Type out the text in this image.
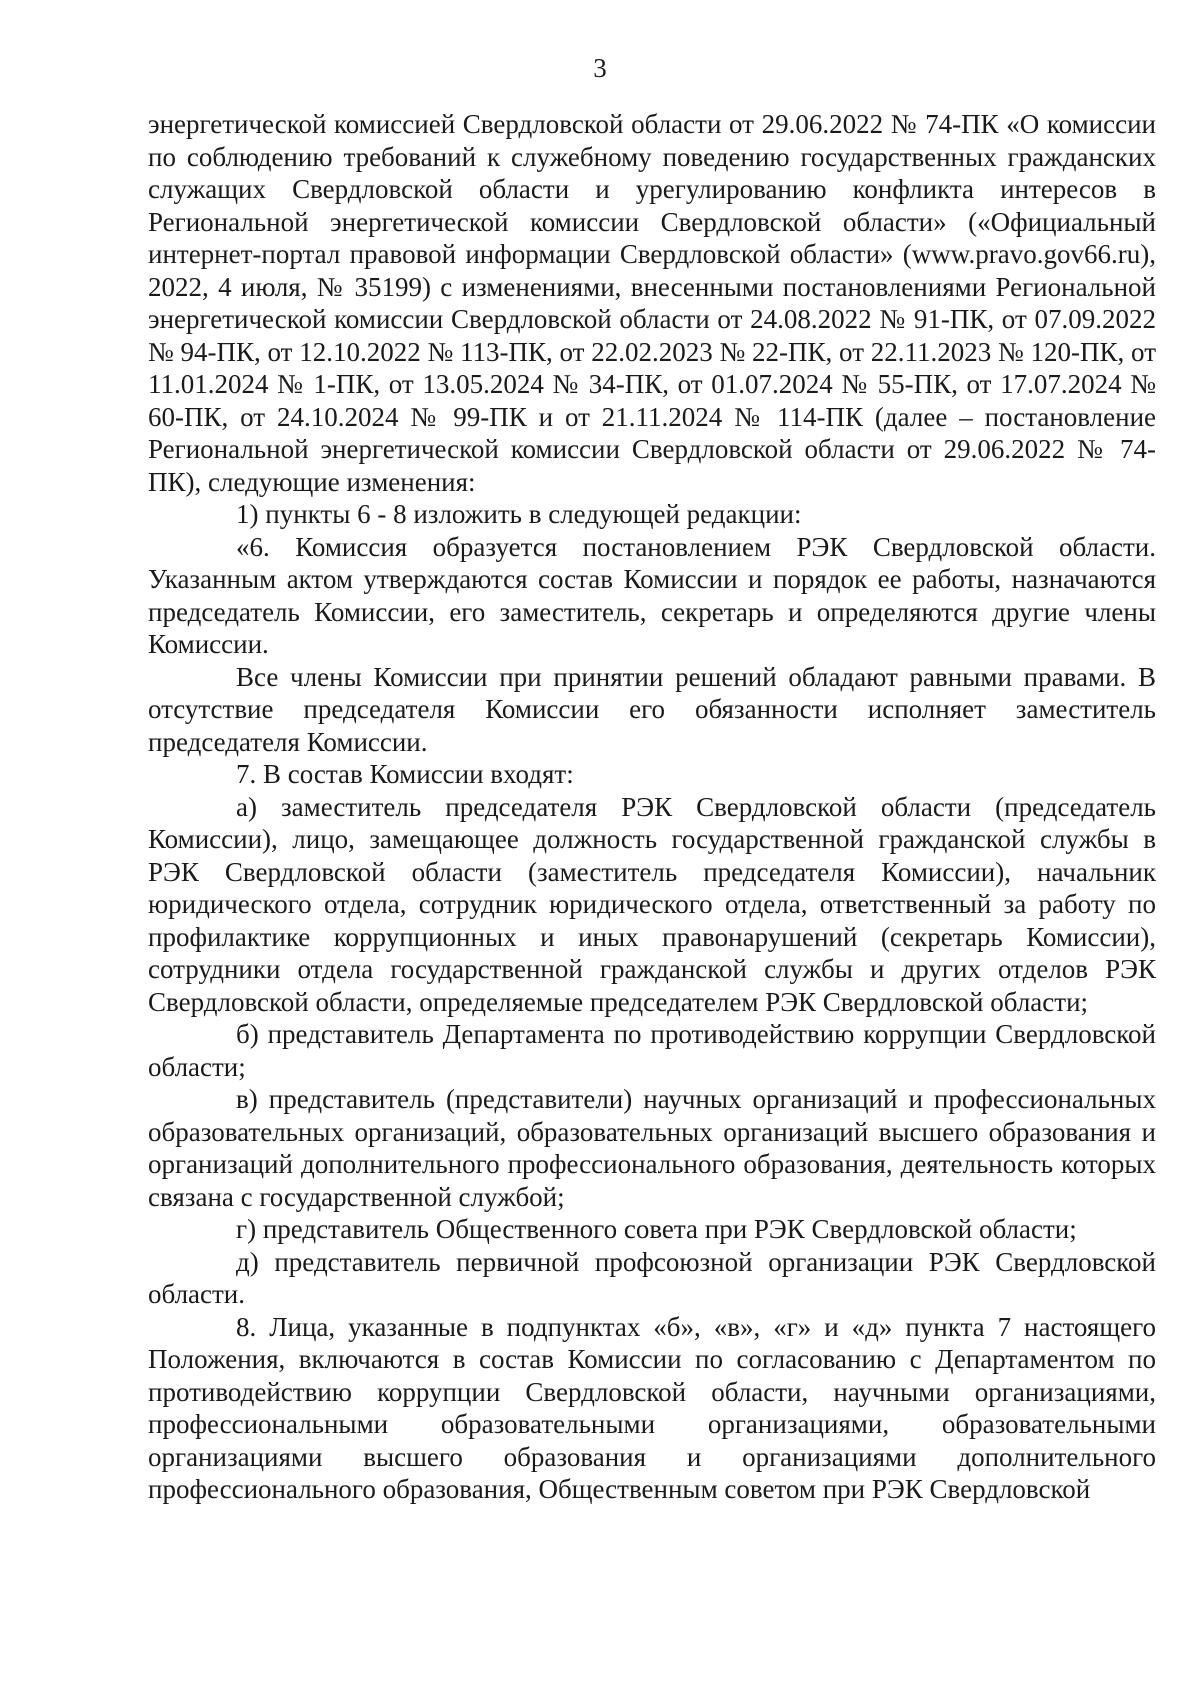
3

энергетической комиссией Свердловской области от 29.06.2022 № 74-ПК «О комиссии по соблюдению требований к служебному поведению государственных гражданских служащих Свердловской области и урегулированию конфликта интересов в Региональной энергетической комиссии Свердловской области» («Официальный интернет-портал правовой информации Свердловской области» (www.pravo.gov66.ru), 2022, 4 июля, № 35199) с изменениями, внесенными постановлениями Региональной энергетической комиссии Свердловской области от 24.08.2022 № 91-ПК, от 07.09.2022 № 94-ПК, от 12.10.2022 № 113-ПК, от 22.02.2023 № 22-ПК, от 22.11.2023 № 120-ПК, от 11.01.2024 № 1-ПК, от 13.05.2024 № 34-ПК, от 01.07.2024 № 55-ПК, от 17.07.2024 № 60-ПК, от 24.10.2024 № 99-ПК и от 21.11.2024 № 114-ПК (далее – постановление Региональной энергетической комиссии Свердловской области от 29.06.2022 № 74-ПК), следующие изменения:

1) пункты 6 - 8 изложить в следующей редакции:

«6. Комиссия образуется постановлением РЭК Свердловской области. Указанным актом утверждаются состав Комиссии и порядок ее работы, назначаются председатель Комиссии, его заместитель, секретарь и определяются другие члены Комиссии.

Все члены Комиссии при принятии решений обладают равными правами. В отсутствие председателя Комиссии его обязанности исполняет заместитель председателя Комиссии.

7. В состав Комиссии входят:

а) заместитель председателя РЭК Свердловской области (председатель Комиссии), лицо, замещающее должность государственной гражданской службы в РЭК Свердловской области (заместитель председателя Комиссии), начальник юридического отдела, сотрудник юридического отдела, ответственный за работу по профилактике коррупционных и иных правонарушений (секретарь Комиссии), сотрудники отдела государственной гражданской службы и других отделов РЭК Свердловской области, определяемые председателем РЭК Свердловской области;

б) представитель Департамента по противодействию коррупции Свердловской области;

в) представитель (представители) научных организаций и профессиональных образовательных организаций, образовательных организаций высшего образования и организаций дополнительного профессионального образования, деятельность которых связана с государственной службой;

г) представитель Общественного совета при РЭК Свердловской области;

д) представитель первичной профсоюзной организации РЭК Свердловской области.

8. Лица, указанные в подпунктах «б», «в», «г» и «д» пункта 7 настоящего Положения, включаются в состав Комиссии по согласованию с Департаментом по противодействию коррупции Свердловской области, научными организациями, профессиональными образовательными организациями, образовательными организациями высшего образования и организациями дополнительного профессионального образования, Общественным советом при РЭК Свердловской
